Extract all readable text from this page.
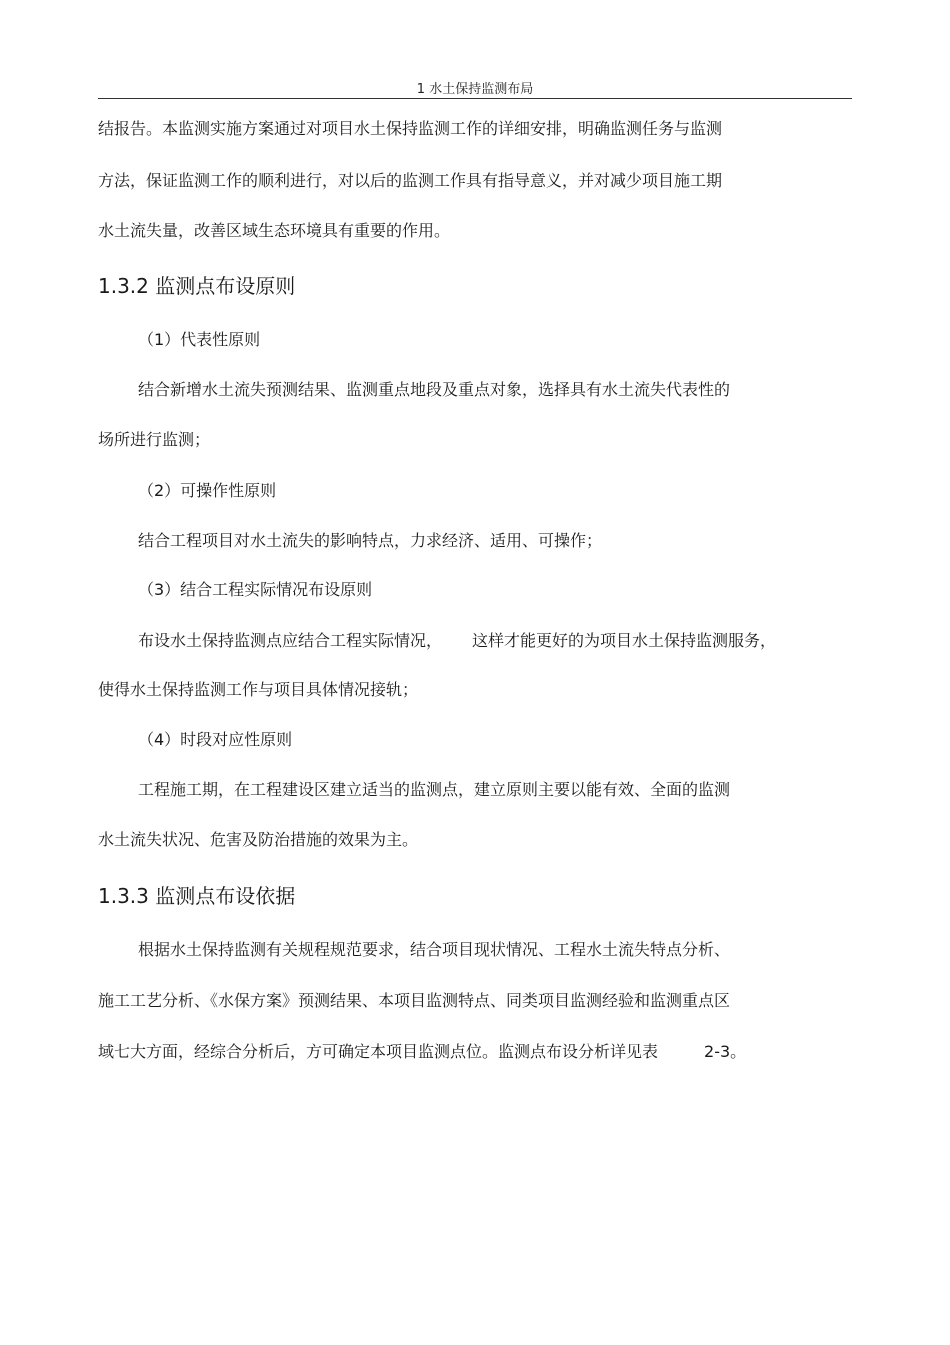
1 水土保持监测布局
结报告。本监测实施方案通过对项目水土保持监测工作的详细安排，明确监测任务与监测
方法，保证监测工作的顺利进行，对以后的监测工作具有指导意义，并对减少项目施工期
水土流失量，改善区域生态环境具有重要的作用。
1.3.2 监测点布设原则
（1）代表性原则
结合新增水土流失预测结果、监测重点地段及重点对象，选择具有水土流失代表性的
场所进行监测；
（2）可操作性原则
结合工程项目对水土流失的影响特点，力求经济、适用、可操作；
（3）结合工程实际情况布设原则
布设水土保持监测点应结合工程实际情况， 这样才能更好的为项目水土保持监测服务，
使得水土保持监测工作与项目具体情况接轨；
（4）时段对应性原则
工程施工期，在工程建设区建立适当的监测点，建立原则主要以能有效、全面的监测
水土流失状况、危害及防治措施的效果为主。
1.3.3 监测点布设依据
根据水土保持监测有关规程规范要求，结合项目现状情况、工程水土流失特点分析、
施工工艺分析、《水保方案》预测结果、本项目监测特点、同类项目监测经验和监测重点区
域七大方面，经综合分析后，方可确定本项目监测点位。监测点布设分析详见表	2-3。
